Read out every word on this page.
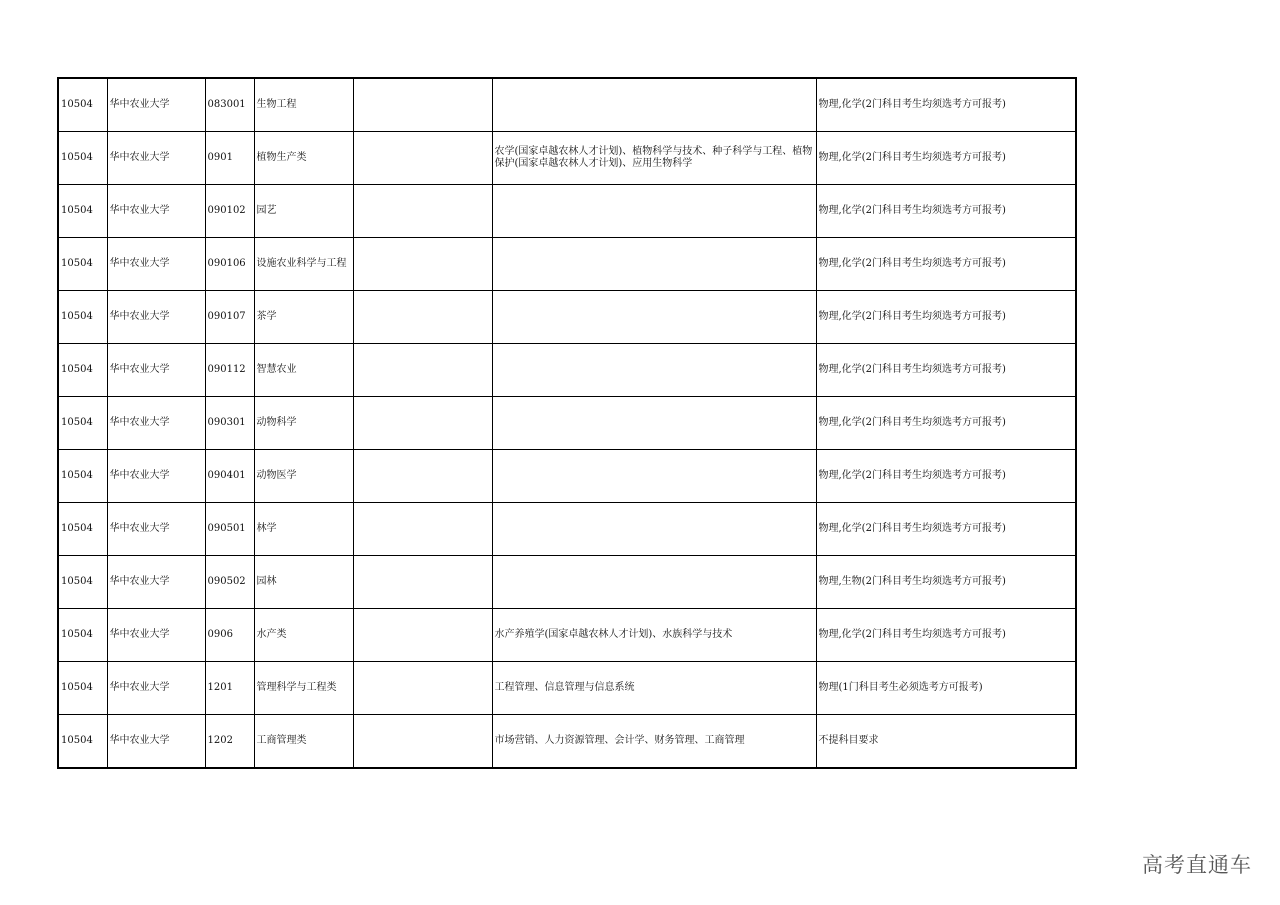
10504	华中农业大学	083001	生物工程			物理,化学(2门科目考生均须选考方可报考)
10504	华中农业大学	0901	植物生产类		农学(国家卓越农林人才计划)、植物科学与技术、种子科学与工程、植物保护(国家卓越农林人才计划)、应用生物科学	物理,化学(2门科目考生均须选考方可报考)
10504	华中农业大学	090102	园艺			物理,化学(2门科目考生均须选考方可报考)
10504	华中农业大学	090106	设施农业科学与工程			物理,化学(2门科目考生均须选考方可报考)
10504	华中农业大学	090107	茶学			物理,化学(2门科目考生均须选考方可报考)
10504	华中农业大学	090112	智慧农业			物理,化学(2门科目考生均须选考方可报考)
10504	华中农业大学	090301	动物科学			物理,化学(2门科目考生均须选考方可报考)
10504	华中农业大学	090401	动物医学			物理,化学(2门科目考生均须选考方可报考)
10504	华中农业大学	090501	林学			物理,化学(2门科目考生均须选考方可报考)
10504	华中农业大学	090502	园林			物理,生物(2门科目考生均须选考方可报考)
10504	华中农业大学	0906	水产类		水产养殖学(国家卓越农林人才计划)、水族科学与技术	物理,化学(2门科目考生均须选考方可报考)
10504	华中农业大学	1201	管理科学与工程类		工程管理、信息管理与信息系统	物理(1门科目考生必须选考方可报考)
10504	华中农业大学	1202	工商管理类		市场营销、人力资源管理、会计学、财务管理、工商管理	不提科目要求
高考直通车
